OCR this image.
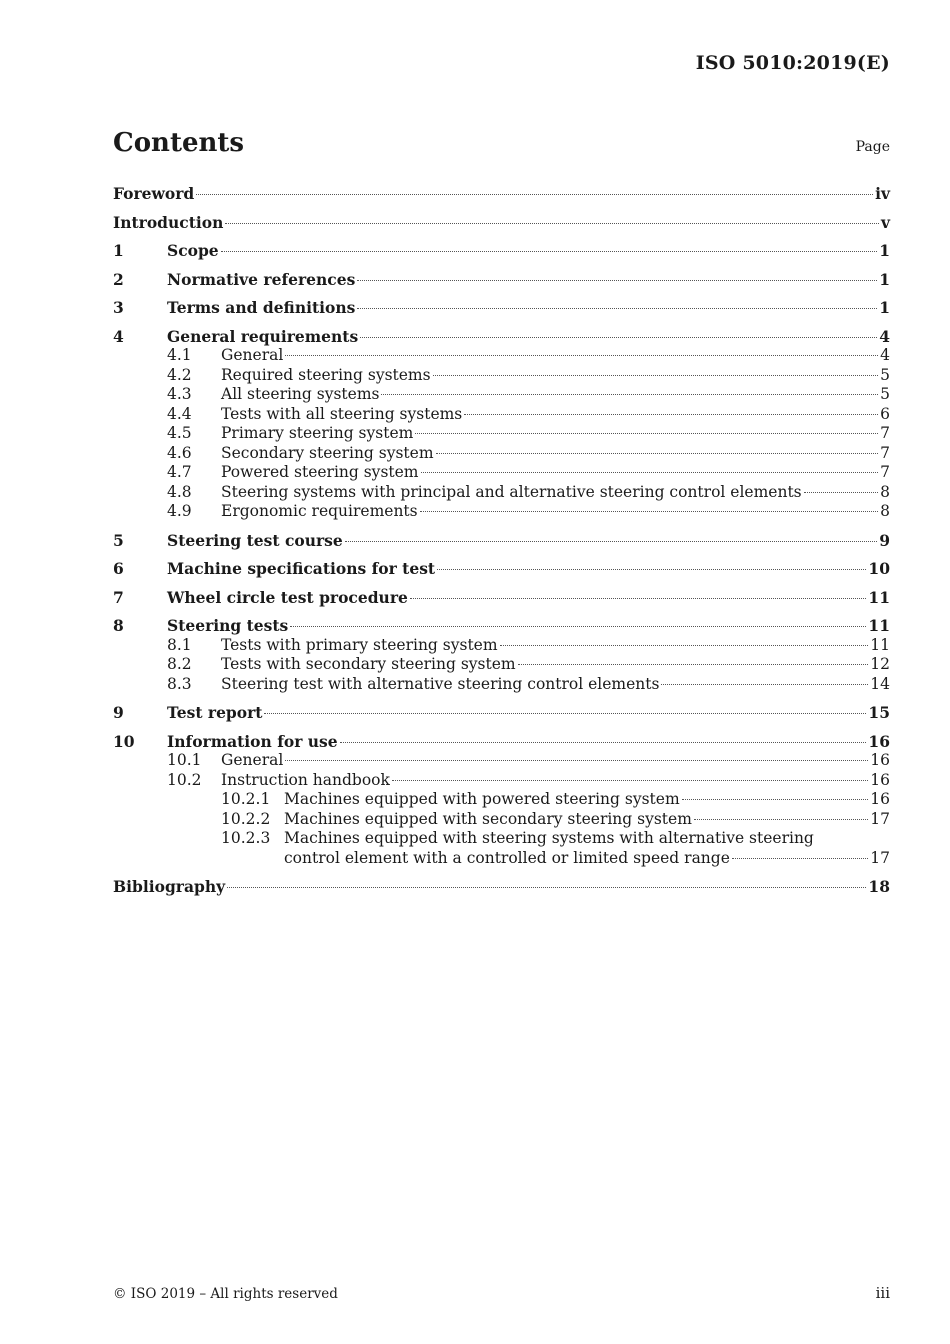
ISO 5010:2019(E)
Contents	Page
Foreword	iv
Introduction	v
1	Scope	1
2	Normative references	1
3	Terms and definitions	1
4	General requirements	4
4.1	General	4
4.2	Required steering systems	5
4.3	All steering systems	5
4.4	Tests with all steering systems	6
4.5	Primary steering system	7
4.6	Secondary steering system	7
4.7	Powered steering system	7
4.8	Steering systems with principal and alternative steering control elements	8
4.9	Ergonomic requirements	8
5	Steering test course	9
6	Machine specifications for test	10
7	Wheel circle test procedure	11
8	Steering tests	11
8.1	Tests with primary steering system	11
8.2	Tests with secondary steering system	12
8.3	Steering test with alternative steering control elements	14
9	Test report	15
10	Information for use	16
10.1	General	16
10.2	Instruction handbook	16
10.2.1 Machines equipped with powered steering system	16
10.2.2 Machines equipped with secondary steering system	17
10.2.3 Machines equipped with steering systems with alternative steering
control element with a controlled or limited speed range	17
Bibliography	18
© ISO 2019 – All rights reserved	iii
